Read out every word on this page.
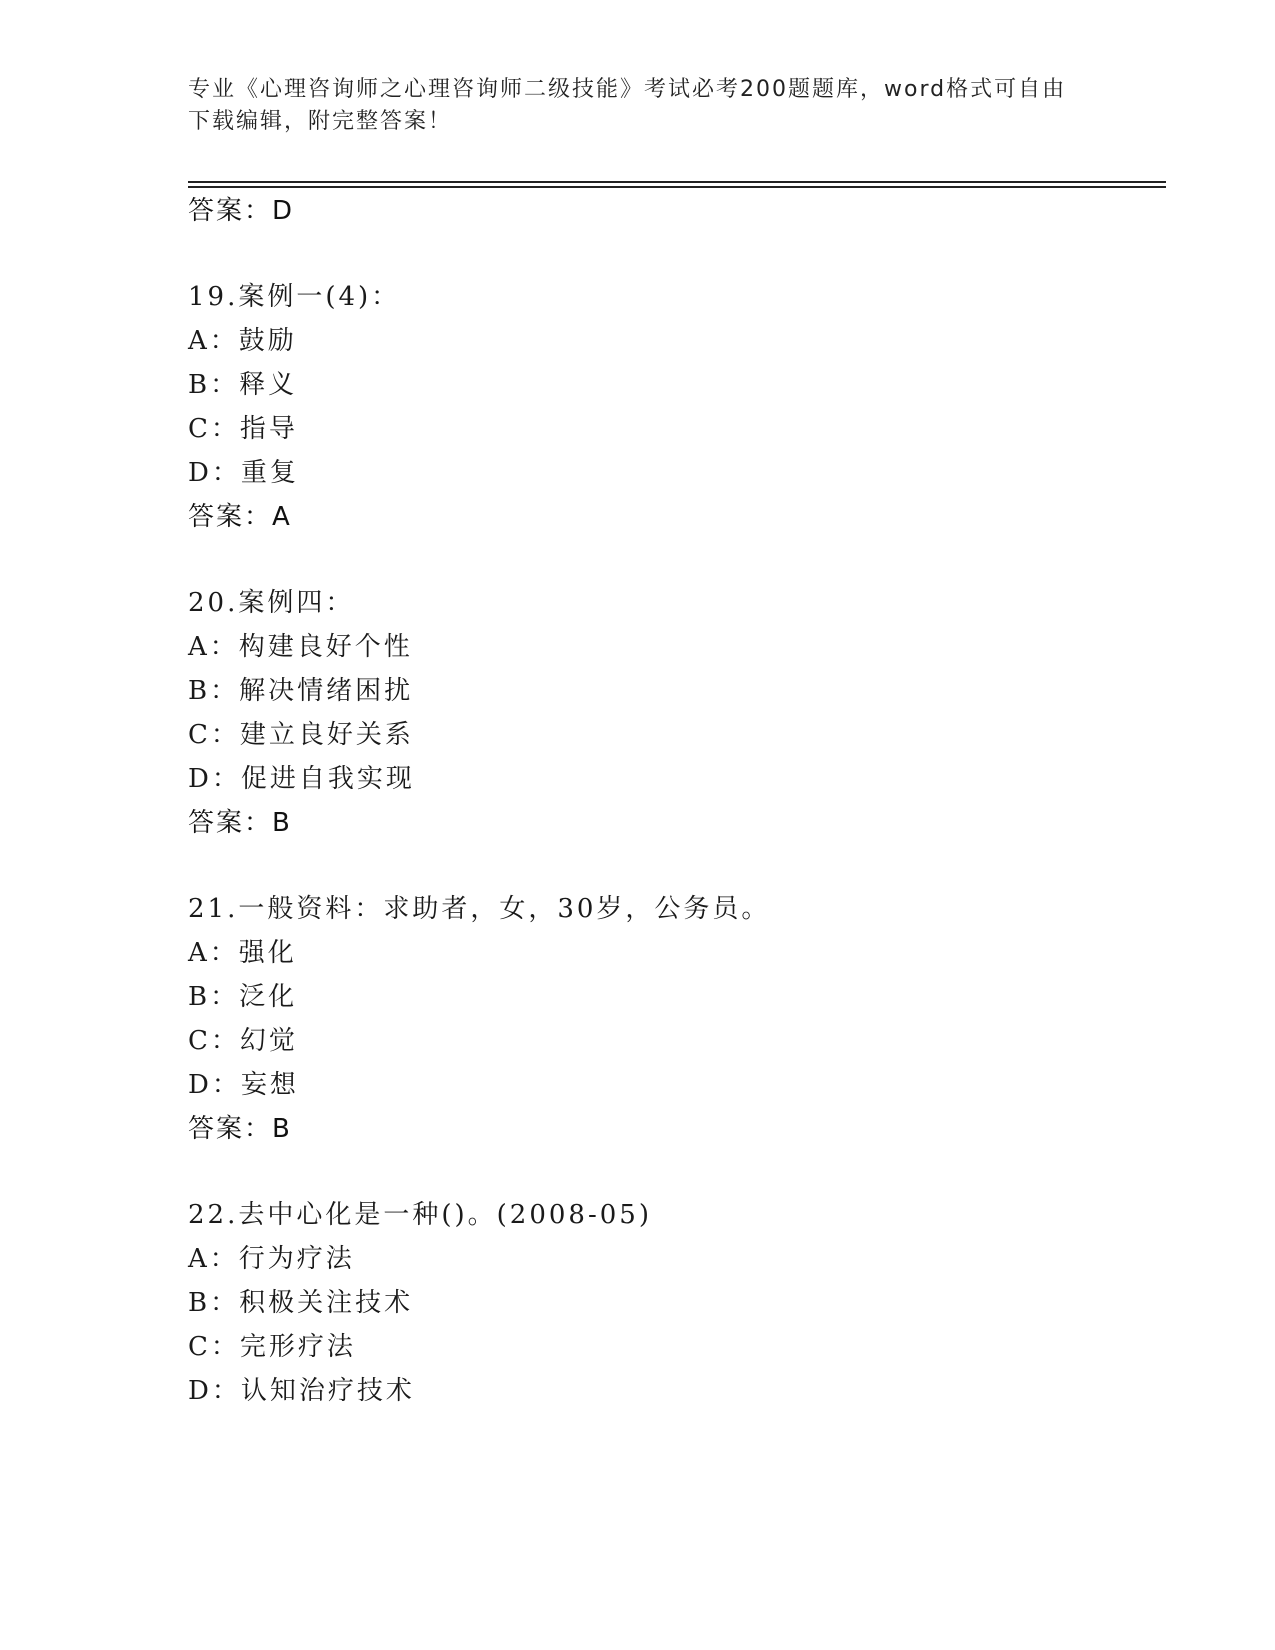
专业《心理咨询师之心理咨询师二级技能》考试必考200题题库，word格式可自由下载编辑，附完整答案！
答案：D
19.案例一(4)：
A：鼓励
B：释义
C：指导
D：重复
答案：A
20.案例四：
A：构建良好个性
B：解决情绪困扰
C：建立良好关系
D：促进自我实现
答案：B
21.一般资料：求助者，女，30岁，公务员。
A：强化
B：泛化
C：幻觉
D：妄想
答案：B
22.去中心化是一种()。(2008-05)
A：行为疗法
B：积极关注技术
C：完形疗法
D：认知治疗技术
